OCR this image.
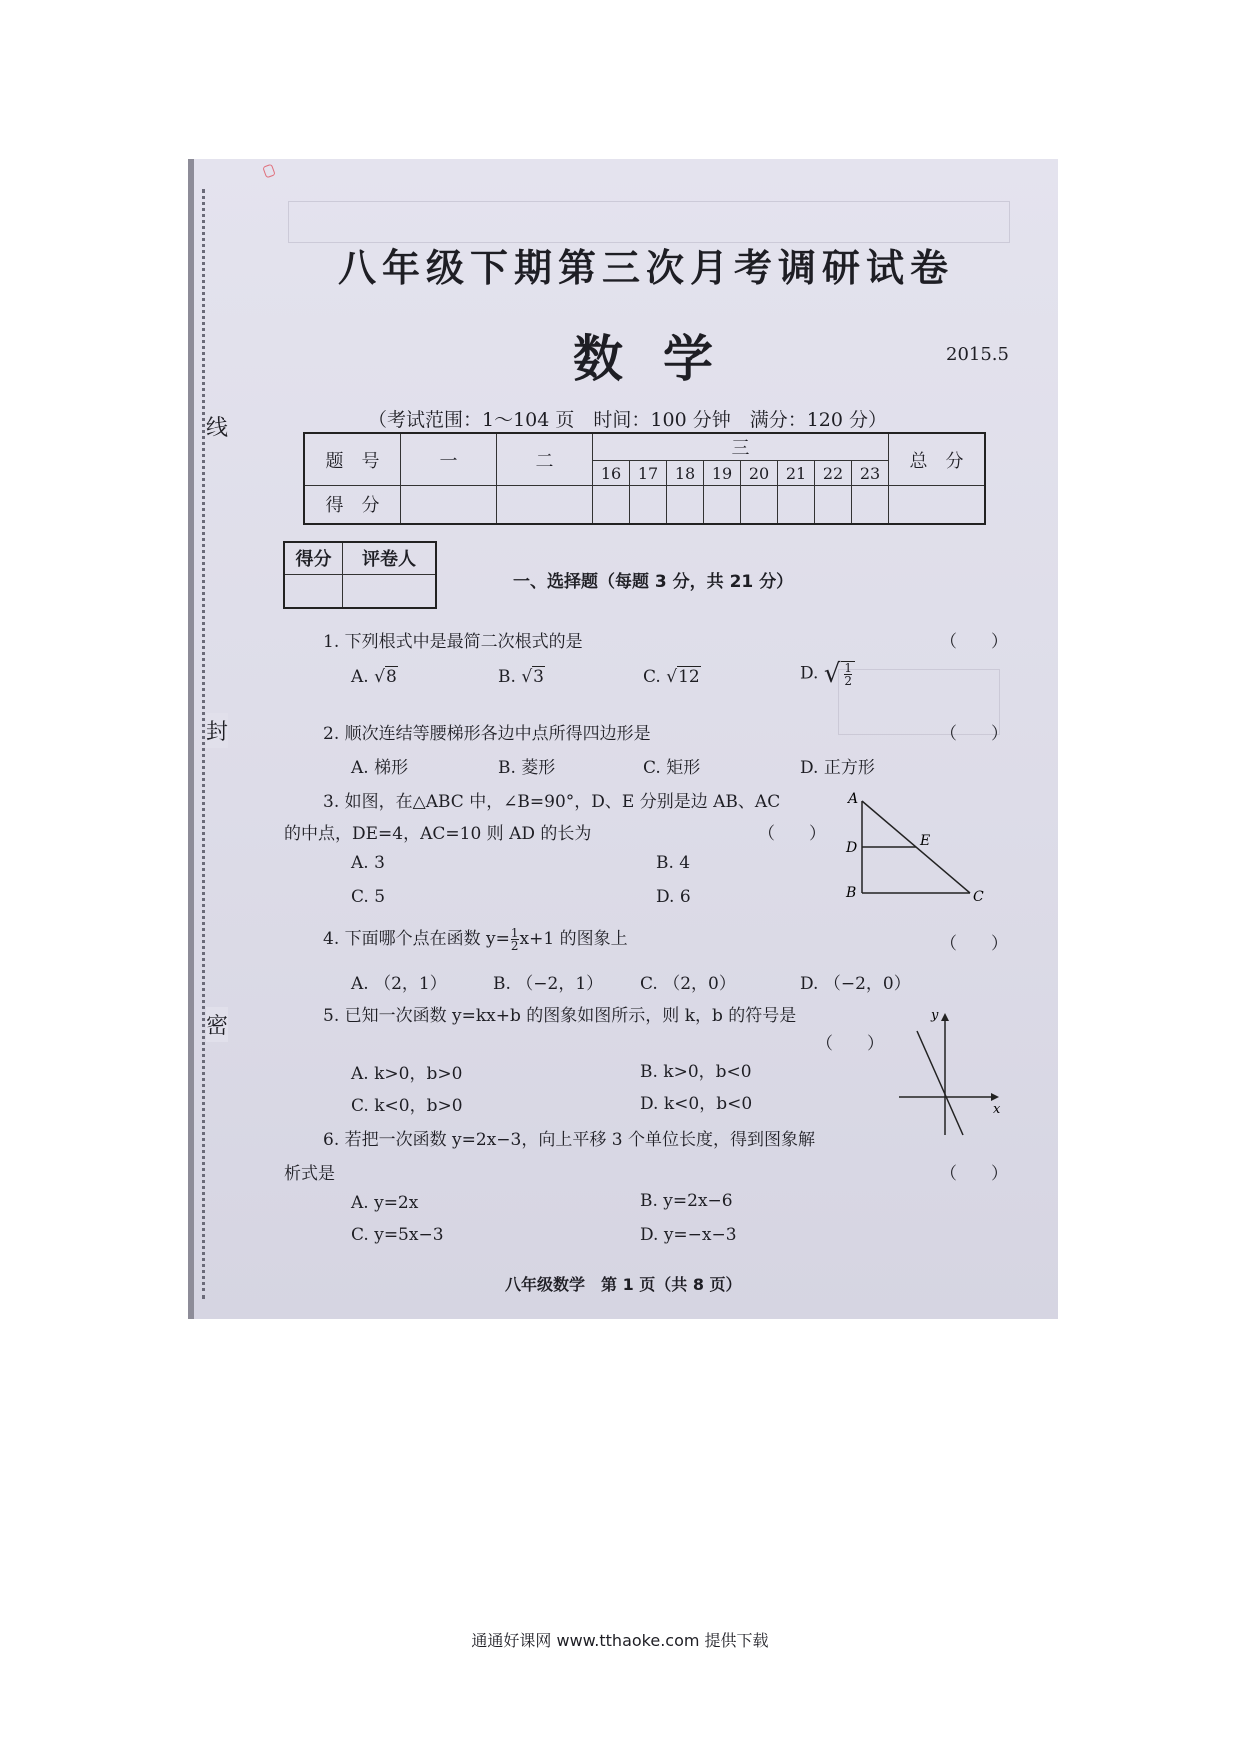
线
封
密
八年级下期第三次月考调研试卷
数学	2015.5
（考试范围：1～104 页　时间：100 分钟　满分：120 分）
题　号	一	二	三								总　分
			16	17	18	19	20	21	22	23	
得　分											
得分	评卷人

一、选择题（每题 3 分，共 21 分）
1. 下列根式中是最简二次根式的是	（　　）
A. √8	B. √3	C. √12	D. √ $\frac{1}{2}$
2. 顺次连结等腰梯形各边中点所得四边形是	（　　）
A. 梯形	B. 菱形	C. 矩形	D. 正方形
3. 如图，在△ABC 中，∠B=90°，D、E 分别是边 AB、AC
的中点，DE=4，AC=10 则 AD 的长为	（　　）
A. 3	B. 4
C. 5	D. 6
A
D	E
B	C
4. 下面哪个点在函数 $y= \frac{1}{2} x+1$ 的图象上	（　　）
A. （2，1）	B. （−2，1） C. （2，0）	D. （−2，0）
5. 已知一次函数 y=kx+b 的图象如图所示，则 k，b 的符号是
（　　）
A. k>0，b>0	B. k>0，b<0
C. k<0，b>0	D. k<0，b<0	x
y
6. 若把一次函数 y=2x−3，向上平移 3 个单位长度，得到图象解
析式是	（　　）
A. y=2x	B. y=2x−6
C. y=5x−3	D. y=−x−3
八年级数学　第 1 页（共 8 页）
通通好课网 www.tthaoke.com 提供下载
